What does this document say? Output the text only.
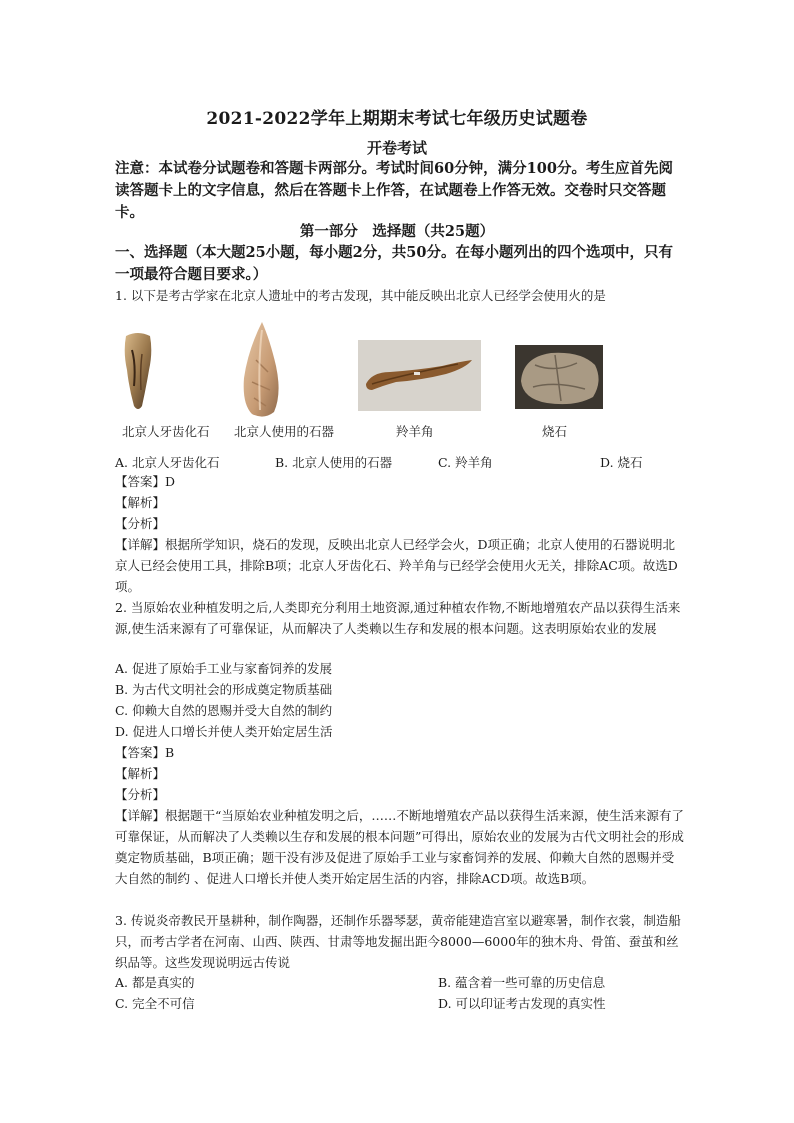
2021-2022学年上期期末考试七年级历史试题卷
开卷考试
注意：本试卷分试题卷和答题卡两部分。考试时间60分钟，满分100分。考生应首先阅读答题卡上的文字信息，然后在答题卡上作答，在试题卷上作答无效。交卷时只交答题卡。
第一部分　选择题（共25题）
一、选择题（本大题25小题，每小题2分，共50分。在每小题列出的四个选项中，只有一项最符合题目要求。）
1. 以下是考古学家在北京人遗址中的考古发现，其中能反映出北京人已经学会使用火的是
北京人牙齿化石 北京人使用的石器	羚羊角	烧石
A. 北京人牙齿化石	B. 北京人使用的石器	C. 羚羊角	D. 烧石
【答案】D
【解析】
【分析】
【详解】根据所学知识，烧石的发现，反映出北京人已经学会火，D项正确；北京人使用的石器说明北京人已经会使用工具，排除B项；北京人牙齿化石、羚羊角与已经学会使用火无关，排除AC项。故选D项。
2. 当原始农业种植发明之后,人类即充分利用土地资源,通过种植农作物,不断地增殖农产品以获得生活来源,使生活来源有了可靠保证，从而解决了人类赖以生存和发展的根本问题。这表明原始农业的发展
A. 促进了原始手工业与家畜饲养的发展
B. 为古代文明社会的形成奠定物质基础
C. 仰赖大自然的恩赐并受大自然的制约
D. 促进人口增长并使人类开始定居生活
【答案】B
【解析】
【分析】
【详解】根据题干“当原始农业种植发明之后，……不断地增殖农产品以获得生活来源，使生活来源有了可靠保证，从而解决了人类赖以生存和发展的根本问题”可得出，原始农业的发展为古代文明社会的形成奠定物质基础，B项正确；题干没有涉及促进了原始手工业与家畜饲养的发展、仰赖大自然的恩赐并受大自然的制约 、促进人口增长并使人类开始定居生活的内容，排除ACD项。故选B项。
3. 传说炎帝教民开垦耕种，制作陶器，还制作乐器琴瑟，黄帝能建造宫室以避寒暑，制作衣裳，制造船只，而考古学者在河南、山西、陕西、甘肃等地发掘出距今8000—6000年的独木舟、骨笛、蚕茧和丝织品等。这些发现说明远古传说
A. 都是真实的	B. 蕴含着一些可靠的历史信息
C. 完全不可信	D. 可以印证考古发现的真实性
